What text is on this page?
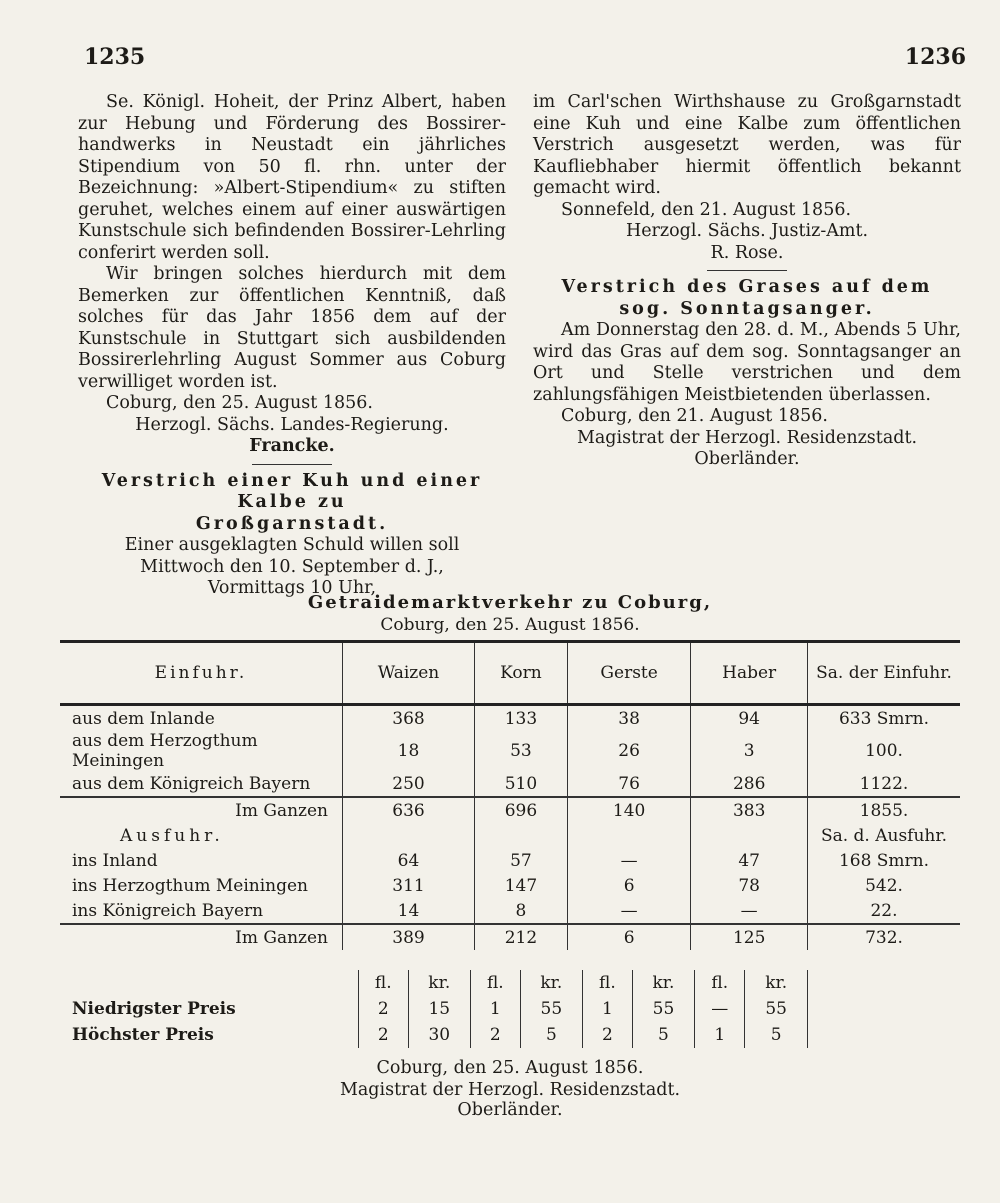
1235	1236

Se. Königl. Hoheit, der Prinz Albert, haben zur Hebung und Förderung des Bossirer-handwerks in Neustadt ein jährliches Stipendium von 50 fl. rhn. unter der Bezeichnung: »Albert-Stipendium« zu stiften geruhet, welches einem auf einer auswärtigen Kunstschule sich befindenden Bossirer-Lehrling conferirt werden soll.

Wir bringen solches hierdurch mit dem Bemerken zur öffentlichen Kenntniß, daß solches für das Jahr 1856 dem auf der Kunstschule in Stuttgart sich ausbildenden Bossirerlehrling August Sommer aus Coburg verwilliget worden ist.

Coburg, den 25. August 1856.

Herzogl. Sächs. Landes-Regierung.

Francke.

Verstrich einer Kuh und einer Kalbe zu

Großgarnstadt.

Einer ausgeklagten Schuld willen soll

Mittwoch den 10. September d. J.,

Vormittags 10 Uhr,

im Carl'schen Wirthshause zu Großgarnstadt eine Kuh und eine Kalbe zum öffentlichen Verstrich ausgesetzt werden, was für Kaufliebhaber hiermit öffentlich bekannt gemacht wird.

Sonnefeld, den 21. August 1856.

Herzogl. Sächs. Justiz-Amt.

R. Rose.

Verstrich des Grases auf dem sog. Sonntagsanger.

Am Donnerstag den 28. d. M., Abends 5 Uhr, wird das Gras auf dem sog. Sonntagsanger an Ort und Stelle verstrichen und dem zahlungsfähigen Meistbietenden überlassen.

Coburg, den 21. August 1856.

Magistrat der Herzogl. Residenzstadt.

Oberländer.

Getraidemarktverkehr zu Coburg,
Coburg, den 25. August 1856.
Einfuhr.	Waizen	Korn	Gerste	Haber	Sa. der Einfuhr.
aus dem Inlande	368	133	38	94	633 Smrn.
aus dem Herzogthum Meiningen	18	53	26	3	100.
aus dem Königreich Bayern	250	510	76	286	1122.
Im Ganzen	636	696	140	383	1855.
Ausfuhr.					Sa. d. Ausfuhr.
ins Inland	64	57	—	47	168 Smrn.
ins Herzogthum Meiningen	311	147	6	78	542.
ins Königreich Bayern	14	8	—	—	22.
Im Ganzen	389	212	6	125	732.
	fl.	kr.	fl.	kr.	fl.	kr.	fl.	kr.	
Niedrigster Preis	2	15	1	55	1	55	—	55	
Höchster Preis	2	30	2	5	2	5	1	5	
Coburg, den 25. August 1856.
Magistrat der Herzogl. Residenzstadt.
Oberländer.
